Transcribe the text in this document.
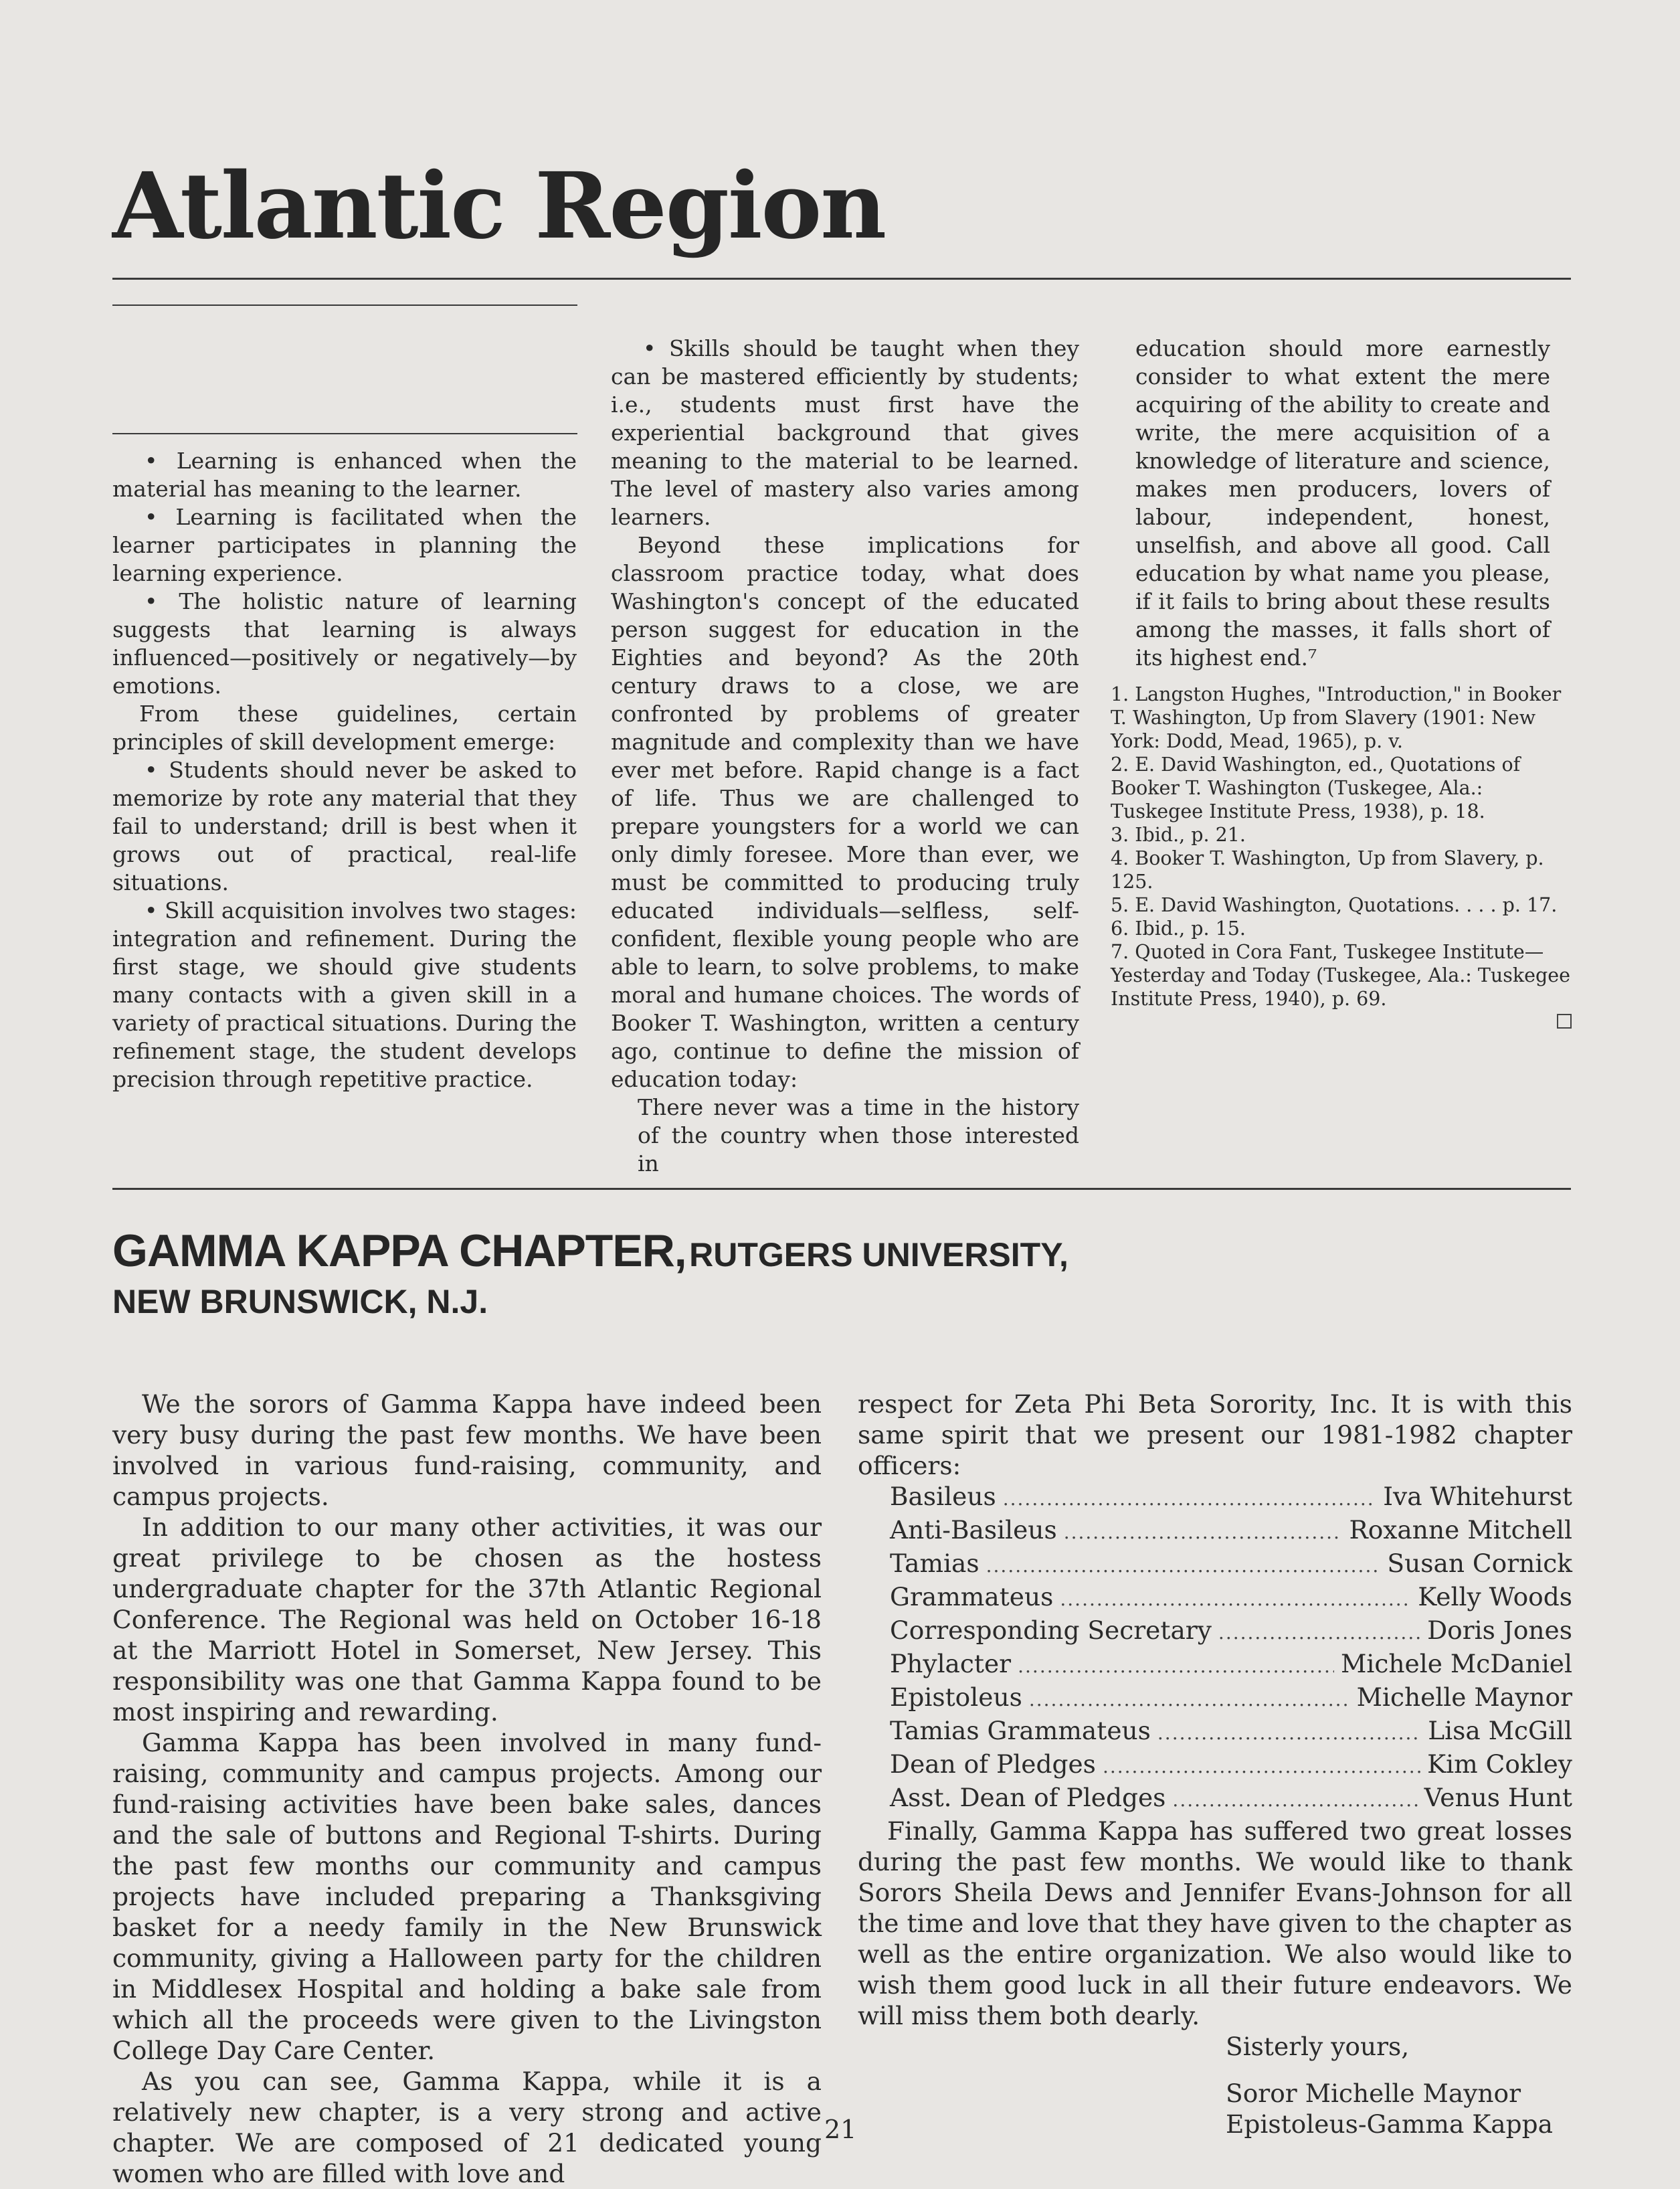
Atlantic Region

• Learning is enhanced when the material has meaning to the learner.

• Learning is facilitated when the learner participates in planning the learning experience.

• The holistic nature of learning suggests that learning is always influenced—positively or negatively—by emotions.

From these guidelines, certain principles of skill development emerge:

• Students should never be asked to memorize by rote any material that they fail to understand; drill is best when it grows out of practical, real-life situations.

• Skill acquisition involves two stages: integration and refinement. During the first stage, we should give students many contacts with a given skill in a variety of practical situations. During the refinement stage, the student develops precision through repetitive practice.

• Skills should be taught when they can be mastered efficiently by students; i.e., students must first have the experiential background that gives meaning to the material to be learned. The level of mastery also varies among learners.

Beyond these implications for classroom practice today, what does Washington's concept of the educated person suggest for education in the Eighties and beyond? As the 20th century draws to a close, we are confronted by problems of greater magnitude and complexity than we have ever met before. Rapid change is a fact of life. Thus we are challenged to prepare youngsters for a world we can only dimly foresee. More than ever, we must be committed to producing truly educated individuals—selfless, self-confident, flexible young people who are able to learn, to solve problems, to make moral and humane choices. The words of Booker T. Washington, written a century ago, continue to define the mission of education today:

There never was a time in the history of the country when those interested in

education should more earnestly consider to what extent the mere acquiring of the ability to create and write, the mere acquisition of a knowledge of literature and science, makes men producers, lovers of labour, independent, honest, unselfish, and above all good. Call education by what name you please, if it fails to bring about these results among the masses, it falls short of its highest end.⁷

1. Langston Hughes, "Introduction," in Booker T. Washington, Up from Slavery (1901: New York: Dodd, Mead, 1965), p. v.

2. E. David Washington, ed., Quotations of Booker T. Washington (Tuskegee, Ala.: Tuskegee Institute Press, 1938), p. 18.

3. Ibid., p. 21.

4. Booker T. Washington, Up from Slavery, p. 125.

5. E. David Washington, Quotations. . . . p. 17.

6. Ibid., p. 15.

7. Quoted in Cora Fant, Tuskegee Institute—Yesterday and Today (Tuskegee, Ala.: Tuskegee Institute Press, 1940), p. 69.

GAMMA KAPPA CHAPTER, RUTGERS UNIVERSITY,
NEW BRUNSWICK, N.J.

We the sorors of Gamma Kappa have indeed been very busy during the past few months. We have been involved in various fund-raising, community, and campus projects.

In addition to our many other activities, it was our great privilege to be chosen as the hostess undergraduate chapter for the 37th Atlantic Regional Conference. The Regional was held on October 16-18 at the Marriott Hotel in Somerset, New Jersey. This responsibility was one that Gamma Kappa found to be most inspiring and rewarding.

Gamma Kappa has been involved in many fund-raising, community and campus projects. Among our fund-raising activities have been bake sales, dances and the sale of buttons and Regional T-shirts. During the past few months our community and campus projects have included preparing a Thanksgiving basket for a needy family in the New Brunswick community, giving a Halloween party for the children in Middlesex Hospital and holding a bake sale from which all the proceeds were given to the Livingston College Day Care Center.

As you can see, Gamma Kappa, while it is a relatively new chapter, is a very strong and active chapter. We are composed of 21 dedicated young women who are filled with love and

respect for Zeta Phi Beta Sorority, Inc. It is with this same spirit that we present our 1981-1982 chapter officers:

Basileus .....	Iva Whitehurst
Anti-Basileus .....	Roxanne Mitchell
Tamias .....	Susan Cornick
Grammateus .....	Kelly Woods
Corresponding Secretary .....	Doris Jones
Phylacter .....	Michele McDaniel
Epistoleus .....	Michelle Maynor
Tamias Grammateus .....	Lisa McGill
Dean of Pledges .....	Kim Cokley
Asst. Dean of Pledges .....	Venus Hunt

Finally, Gamma Kappa has suffered two great losses during the past few months. We would like to thank Sorors Sheila Dews and Jennifer Evans-Johnson for all the time and love that they have given to the chapter as well as the entire organization. We also would like to wish them good luck in all their future endeavors. We will miss them both dearly.

Sisterly yours,

Soror Michelle Maynor

Epistoleus-Gamma Kappa

21
